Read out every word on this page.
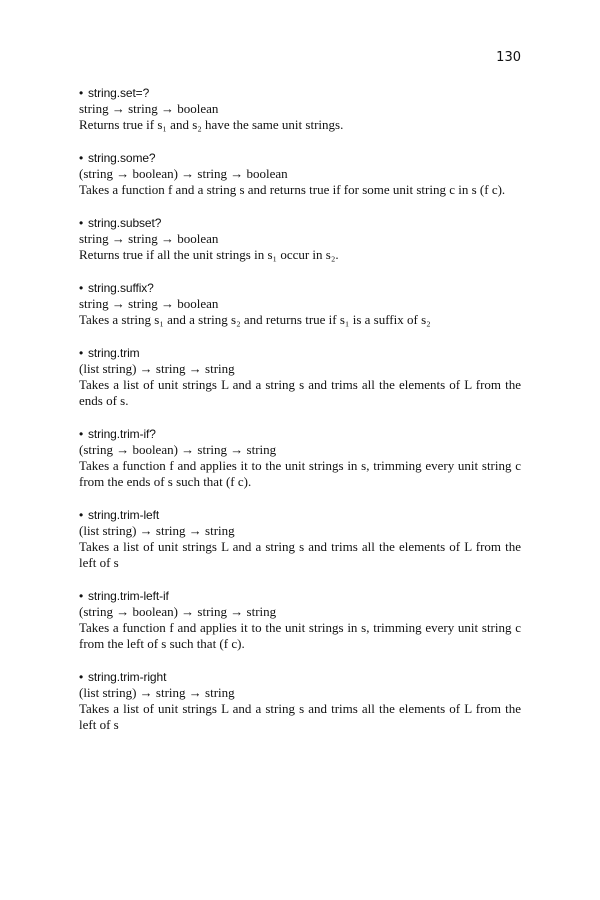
130
• string.set=?
string → string → boolean
Returns true if s₁ and s₂ have the same unit strings.
• string.some?
(string → boolean) → string → boolean
Takes a function f and a string s and returns true if for some unit string c in s (f c).
• string.subset?
string → string → boolean
Returns true if all the unit strings in s₁ occur in s₂.
• string.suffix?
string → string → boolean
Takes a string s₁ and a string s₂ and returns true if s₁ is a suffix of s₂
• string.trim
(list string) → string → string
Takes a list of unit strings L and a string s and trims all the elements of L from the ends of s.
• string.trim-if?
(string → boolean) → string → string
Takes a function f and applies it to the unit strings in s, trimming every unit string c from the ends of s such that (f c).
• string.trim-left
(list string) → string → string
Takes a list of unit strings L and a string s and trims all the elements of L from the left of s
• string.trim-left-if
(string → boolean) → string → string
Takes a function f and applies it to the unit strings in s, trimming every unit string c from the left of s such that (f c).
• string.trim-right
(list string) → string → string
Takes a list of unit strings L and a string s and trims all the elements of L from the left of s
